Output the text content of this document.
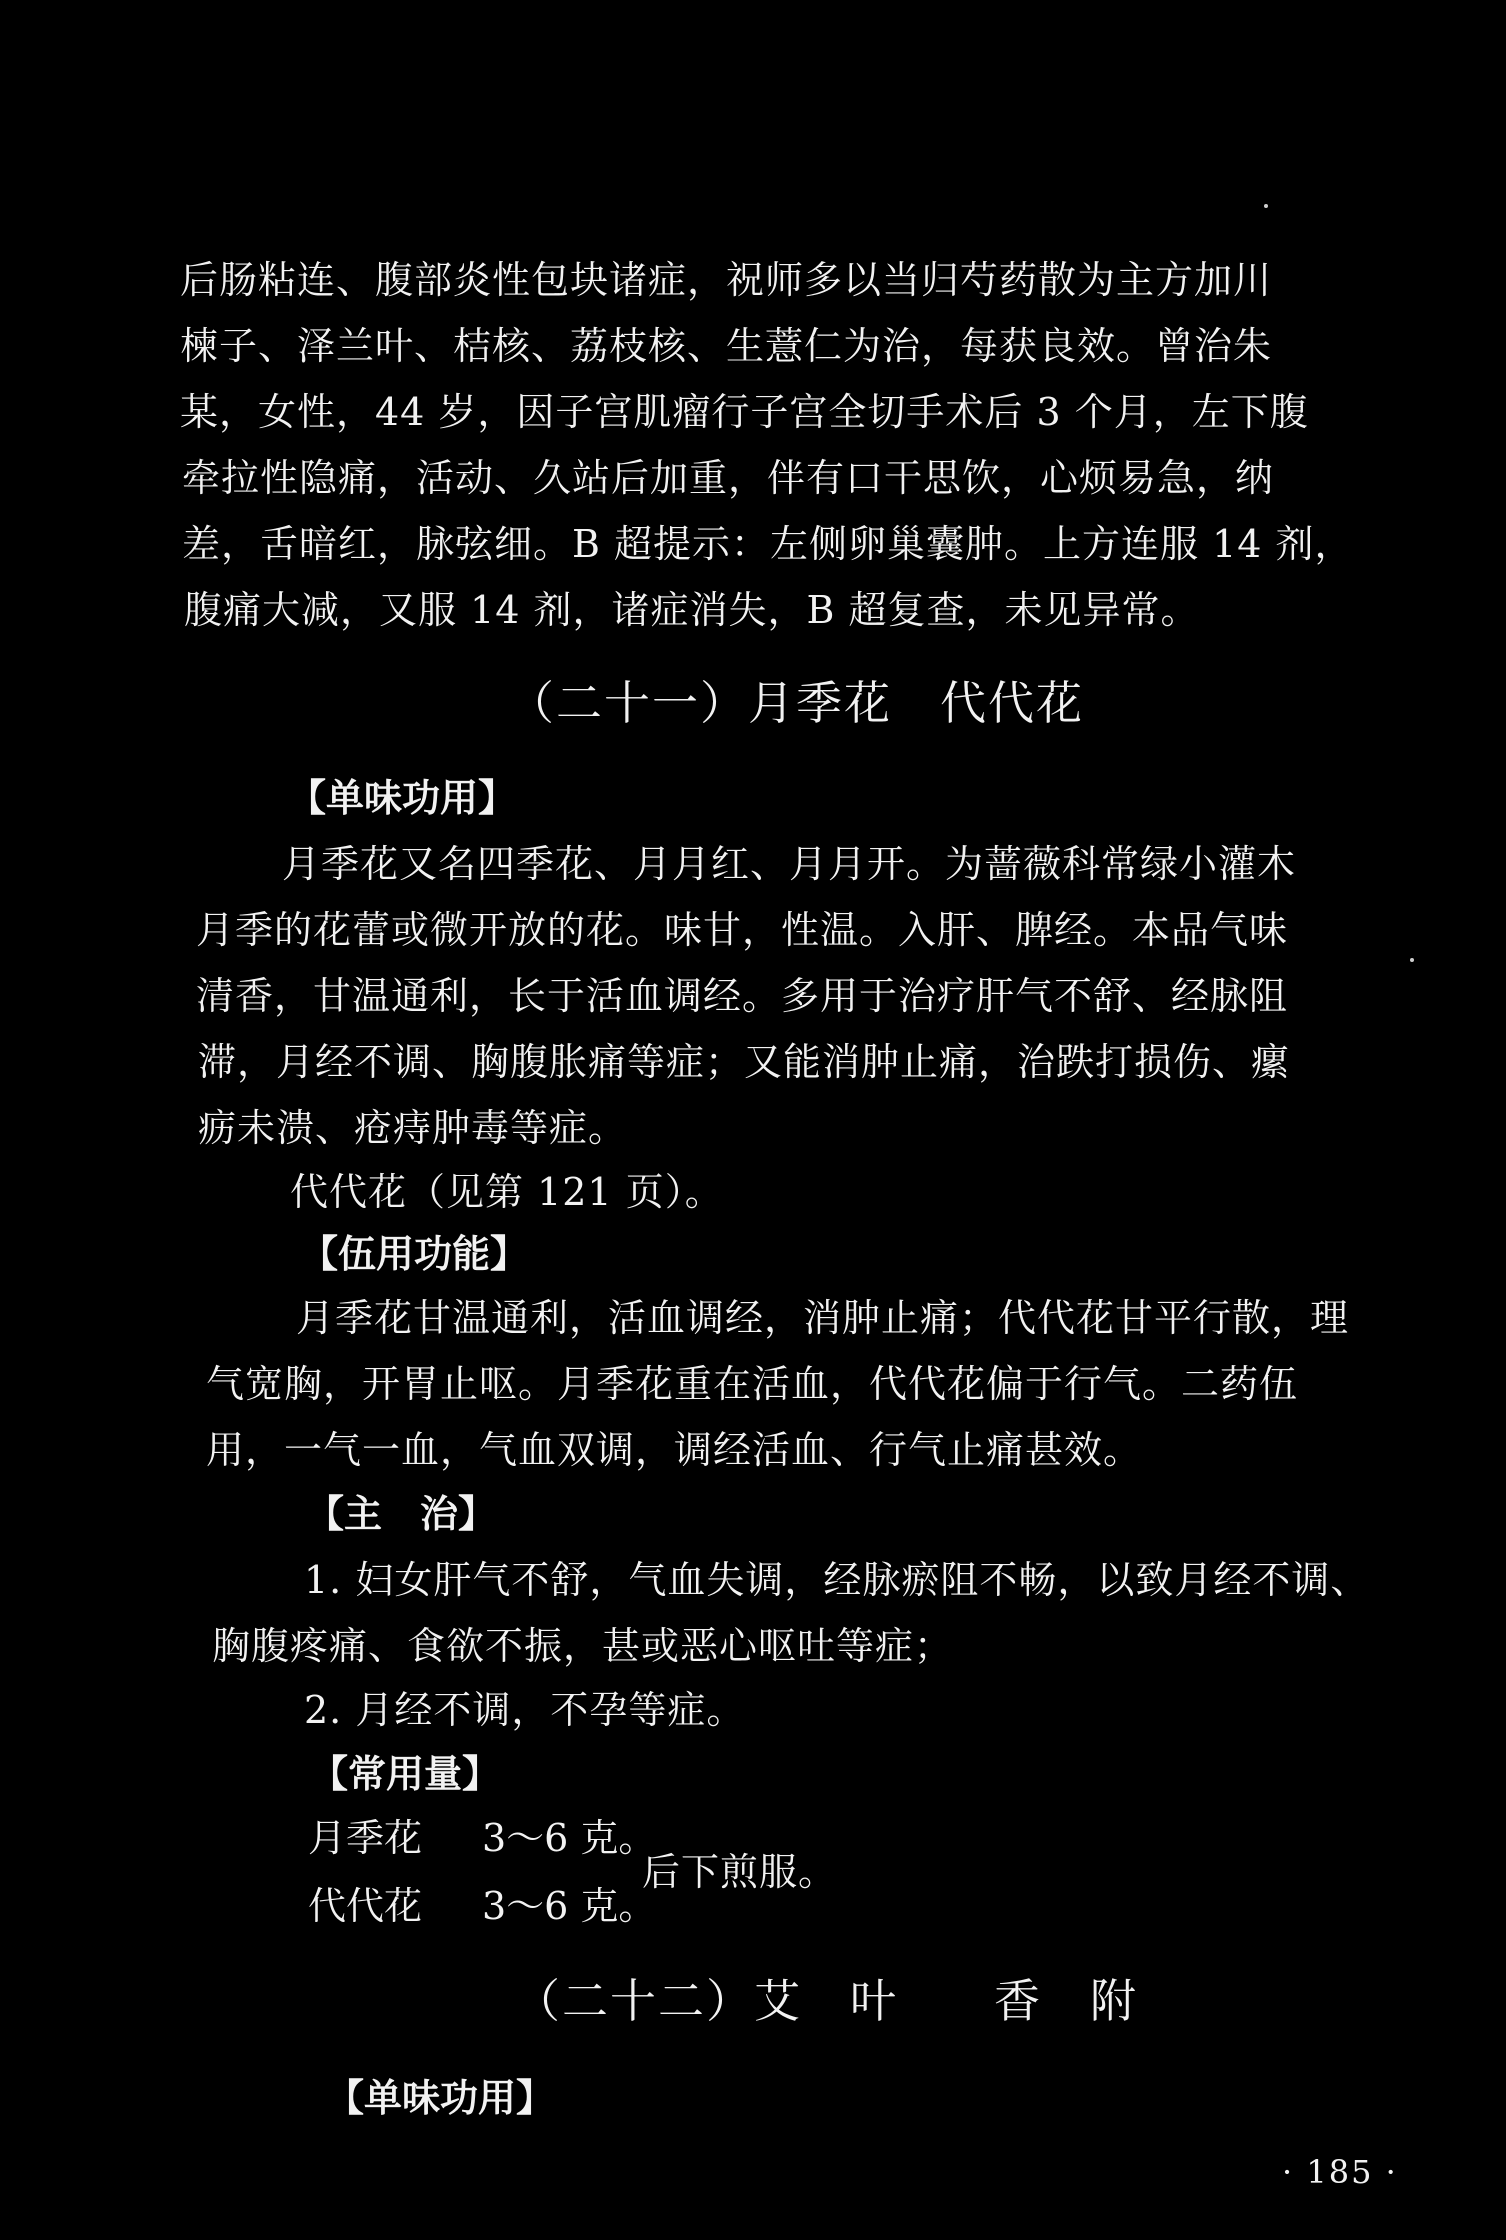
后肠粘连、腹部炎性包块诸症，祝师多以当归芍药散为主方加川
楝子、泽兰叶、桔核、荔枝核、生薏仁为治，每获良效。曾治朱
某，女性，44 岁，因子宫肌瘤行子宫全切手术后 3 个月，左下腹
牵拉性隐痛，活动、久站后加重，伴有口干思饮，心烦易急，纳
差，舌暗红，脉弦细。B 超提示：左侧卵巢囊肿。上方连服 14 剂，
腹痛大减，又服 14 剂，诸症消失，B 超复查，未见异常。
（二十一）月季花　代代花
【单味功用】
月季花又名四季花、月月红、月月开。为蔷薇科常绿小灌木
月季的花蕾或微开放的花。味甘，性温。入肝、脾经。本品气味
清香，甘温通利，长于活血调经。多用于治疗肝气不舒、经脉阻
滞，月经不调、胸腹胀痛等症；又能消肿止痛，治跌打损伤、瘰
疬未溃、疮痔肿毒等症。
代代花（见第 121 页）。
【伍用功能】
月季花甘温通利，活血调经，消肿止痛；代代花甘平行散，理
气宽胸，开胃止呕。月季花重在活血，代代花偏于行气。二药伍
用，一气一血，气血双调，调经活血、行气止痛甚效。
【主　治】
1. 妇女肝气不舒，气血失调，经脉瘀阻不畅，以致月经不调、
胸腹疼痛、食欲不振，甚或恶心呕吐等症；
2. 月经不调，不孕等症。
【常用量】
月季花 3～6 克。
代代花 3～6 克。
后下煎服。
（二十二）艾　叶　　香　附
【单味功用】
· 185 ·
